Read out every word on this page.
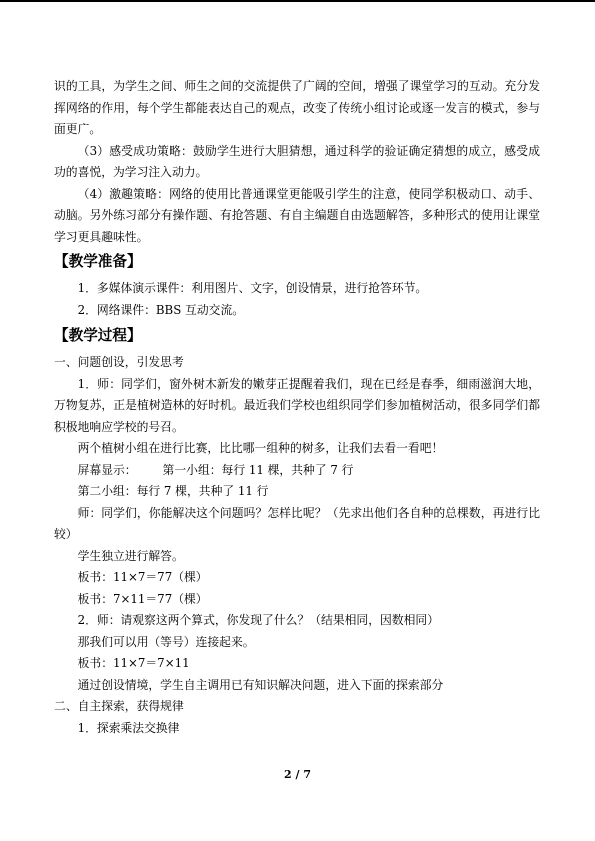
识的工具，为学生之间、师生之间的交流提供了广阔的空间，增强了课堂学习的互动。充分发挥网络的作用，每个学生都能表达自己的观点，改变了传统小组讨论或逐一发言的模式，参与面更广。

（3）感受成功策略：鼓励学生进行大胆猜想，通过科学的验证确定猜想的成立，感受成功的喜悦，为学习注入动力。

（4）激趣策略：网络的使用比普通课堂更能吸引学生的注意，使同学积极动口、动手、动脑。另外练习部分有操作题、有抢答题、有自主编题自由选题解答，多种形式的使用让课堂学习更具趣味性。

【教学准备】

1．多媒体演示课件：利用图片、文字，创设情景，进行抢答环节。

2．网络课件：BBS 互动交流。

【教学过程】

一、问题创设，引发思考

1．师：同学们，窗外树木新发的嫩芽正提醒着我们，现在已经是春季，细雨滋润大地，万物复苏，正是植树造林的好时机。最近我们学校也组织同学们参加植树活动，很多同学们都积极地响应学校的号召。

两个植树小组在进行比赛，比比哪一组种的树多，让我们去看一看吧！

屏幕显示： 第一小组：每行 11 棵，共种了 7 行

第二小组：每行 7 棵，共种了 11 行

师：同学们，你能解决这个问题吗？怎样比呢？（先求出他们各自种的总棵数，再进行比较）

学生独立进行解答。

板书：11×7＝77（棵）

板书：7×11＝77（棵）

2．师：请观察这两个算式，你发现了什么？（结果相同，因数相同）

那我们可以用（等号）连接起来。

板书：11×7＝7×11

通过创设情境，学生自主调用已有知识解决问题，进入下面的探索部分

二、自主探索，获得规律

1．探索乘法交换律

2 / 7
